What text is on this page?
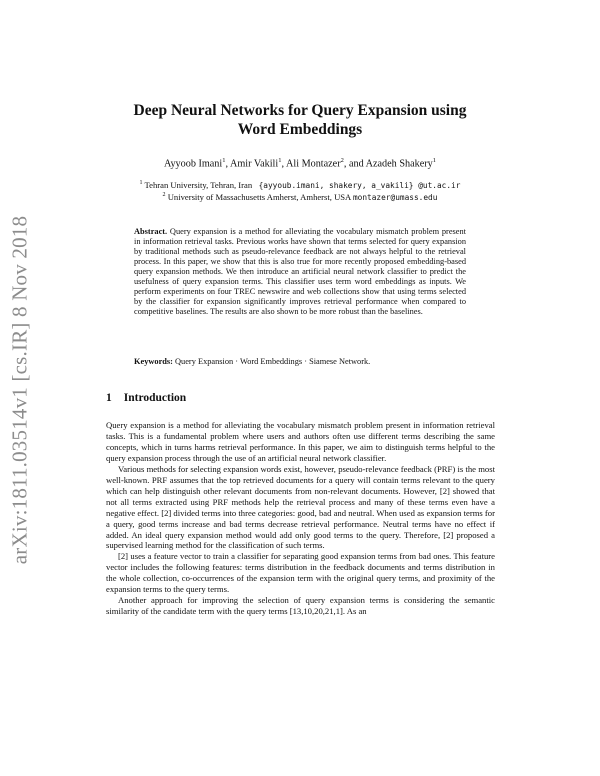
arXiv:1811.03514v1 [cs.IR] 8 Nov 2018
Deep Neural Networks for Query Expansion using
Word Embeddings
Ayyoob Imani$^1$, Amir Vakili$^1$, Ali Montazer$^2$, and Azadeh Shakery$^1$
$^1$ Tehran University, Tehran, Iran {ayyoub.imani, shakery, a_vakili} @ut.ac.ir
$^2$ University of Massachusetts Amherst, Amherst, USA montazer@umass.edu
Abstract. Query expansion is a method for alleviating the vocabulary mismatch problem present in information retrieval tasks. Previous works have shown that terms selected for query expansion by traditional methods such as pseudo-relevance feedback are not always helpful to the retrieval process. In this paper, we show that this is also true for more recently proposed embedding-based query expansion methods. We then introduce an artificial neural network classifier to predict the usefulness of query expansion terms. This classifier uses term word embeddings as inputs. We perform experiments on four TREC newswire and web collections show that using terms selected by the classifier for expansion significantly improves retrieval performance when compared to competitive baselines. The results are also shown to be more robust than the baselines.
Keywords: Query Expansion · Word Embeddings · Siamese Network.
1 Introduction

Query expansion is a method for alleviating the vocabulary mismatch problem present in information retrieval tasks. This is a fundamental problem where users and authors often use different terms describing the same concepts, which in turns harms retrieval performance. In this paper, we aim to distinguish terms helpful to the query expansion process through the use of an artificial neural network classifier.

Various methods for selecting expansion words exist, however, pseudo-relevance feedback (PRF) is the most well-known. PRF assumes that the top retrieved documents for a query will contain terms relevant to the query which can help distinguish other relevant documents from non-relevant documents. However, [2] showed that not all terms extracted using PRF methods help the retrieval process and many of these terms even have a negative effect. [2] divided terms into three categories: good, bad and neutral. When used as expansion terms for a query, good terms increase and bad terms decrease retrieval performance. Neutral terms have no effect if added. An ideal query expansion method would add only good terms to the query. Therefore, [2] proposed a supervised learning method for the classification of such terms.

[2] uses a feature vector to train a classifier for separating good expansion terms from bad ones. This feature vector includes the following features: terms distribution in the feedback documents and terms distribution in the whole collection, co-occurrences of the expansion term with the original query terms, and proximity of the expansion terms to the query terms.

Another approach for improving the selection of query expansion terms is considering the semantic similarity of the candidate term with the query terms [13,10,20,21,1]. As an
